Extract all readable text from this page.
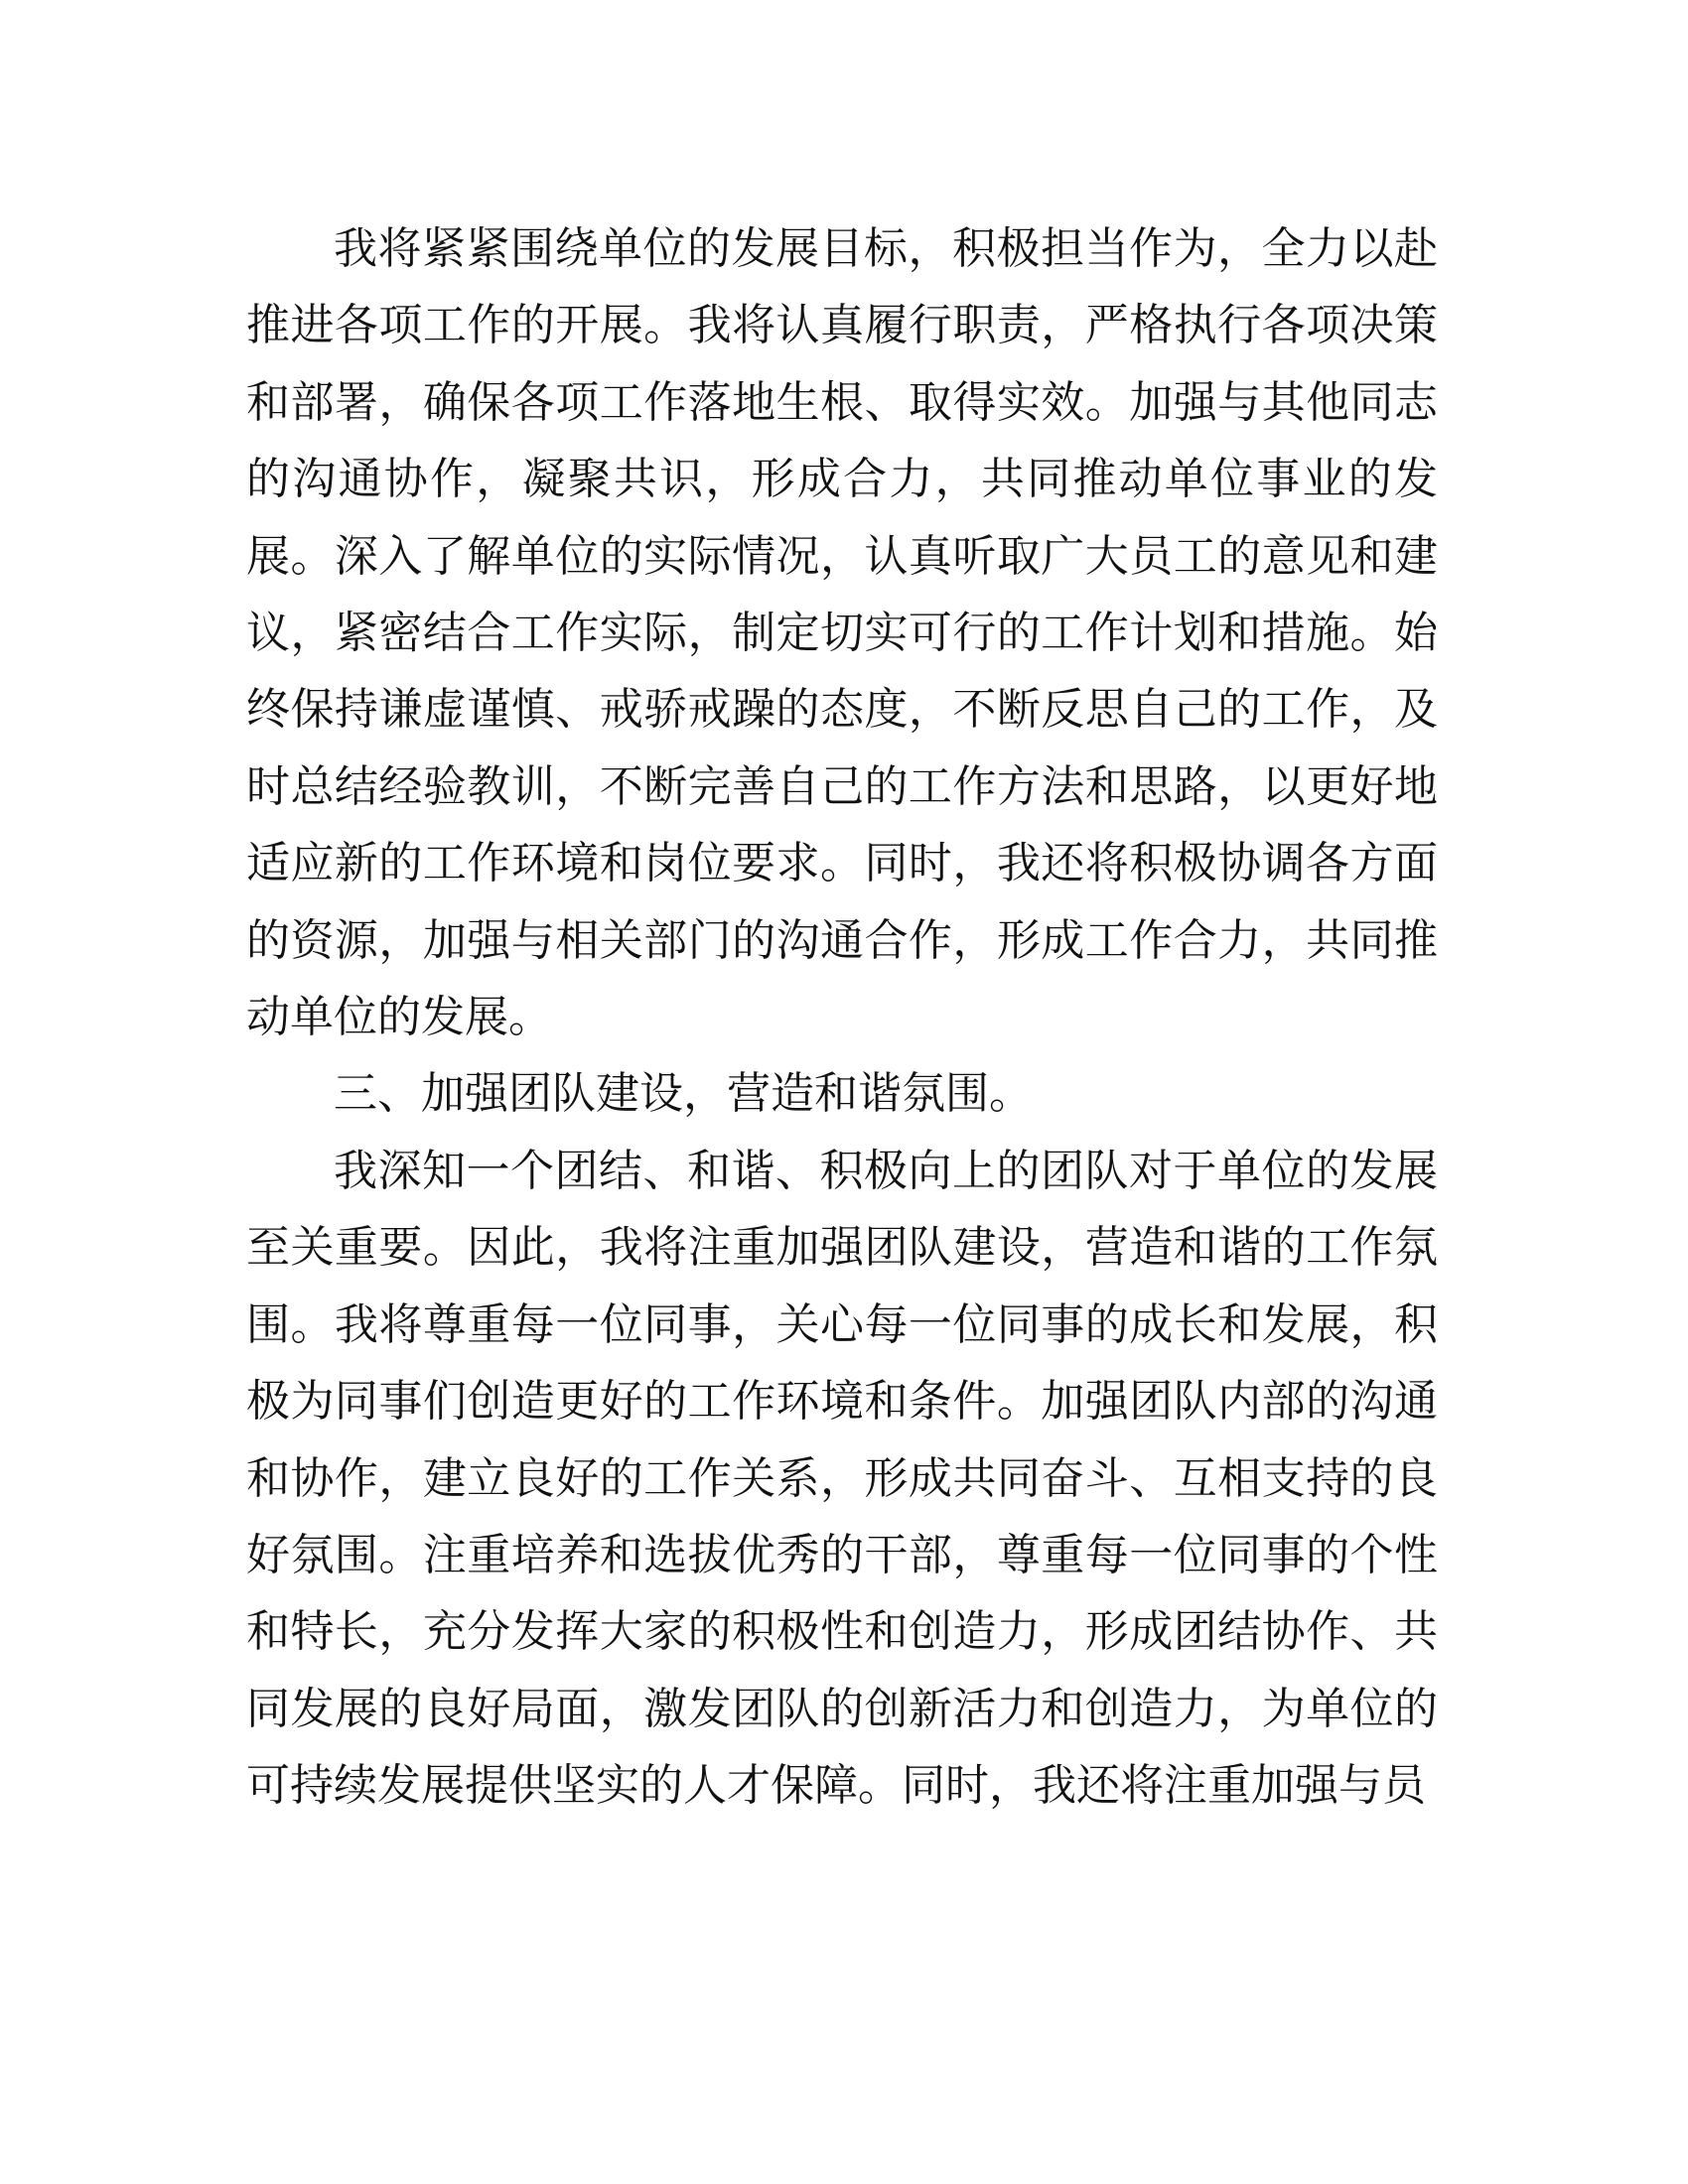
我将紧紧围绕单位的发展目标，积极担当作为，全力以赴推进各项工作的开展。我将认真履行职责，严格执行各项决策和部署，确保各项工作落地生根、取得实效。加强与其他同志的沟通协作，凝聚共识，形成合力，共同推动单位事业的发展。深入了解单位的实际情况，认真听取广大员工的意见和建议，紧密结合工作实际，制定切实可行的工作计划和措施。始终保持谦虚谨慎、戒骄戒躁的态度，不断反思自己的工作，及时总结经验教训，不断完善自己的工作方法和思路，以更好地适应新的工作环境和岗位要求。同时，我还将积极协调各方面的资源，加强与相关部门的沟通合作，形成工作合力，共同推动单位的发展。

三、加强团队建设，营造和谐氛围。

我深知一个团结、和谐、积极向上的团队对于单位的发展至关重要。因此，我将注重加强团队建设，营造和谐的工作氛围。我将尊重每一位同事，关心每一位同事的成长和发展，积极为同事们创造更好的工作环境和条件。加强团队内部的沟通和协作，建立良好的工作关系，形成共同奋斗、互相支持的良好氛围。注重培养和选拔优秀的干部，尊重每一位同事的个性和特长，充分发挥大家的积极性和创造力，形成团结协作、共同发展的良好局面，激发团队的创新活力和创造力，为单位的可持续发展提供坚实的人才保障。同时，我还将注重加强与员
